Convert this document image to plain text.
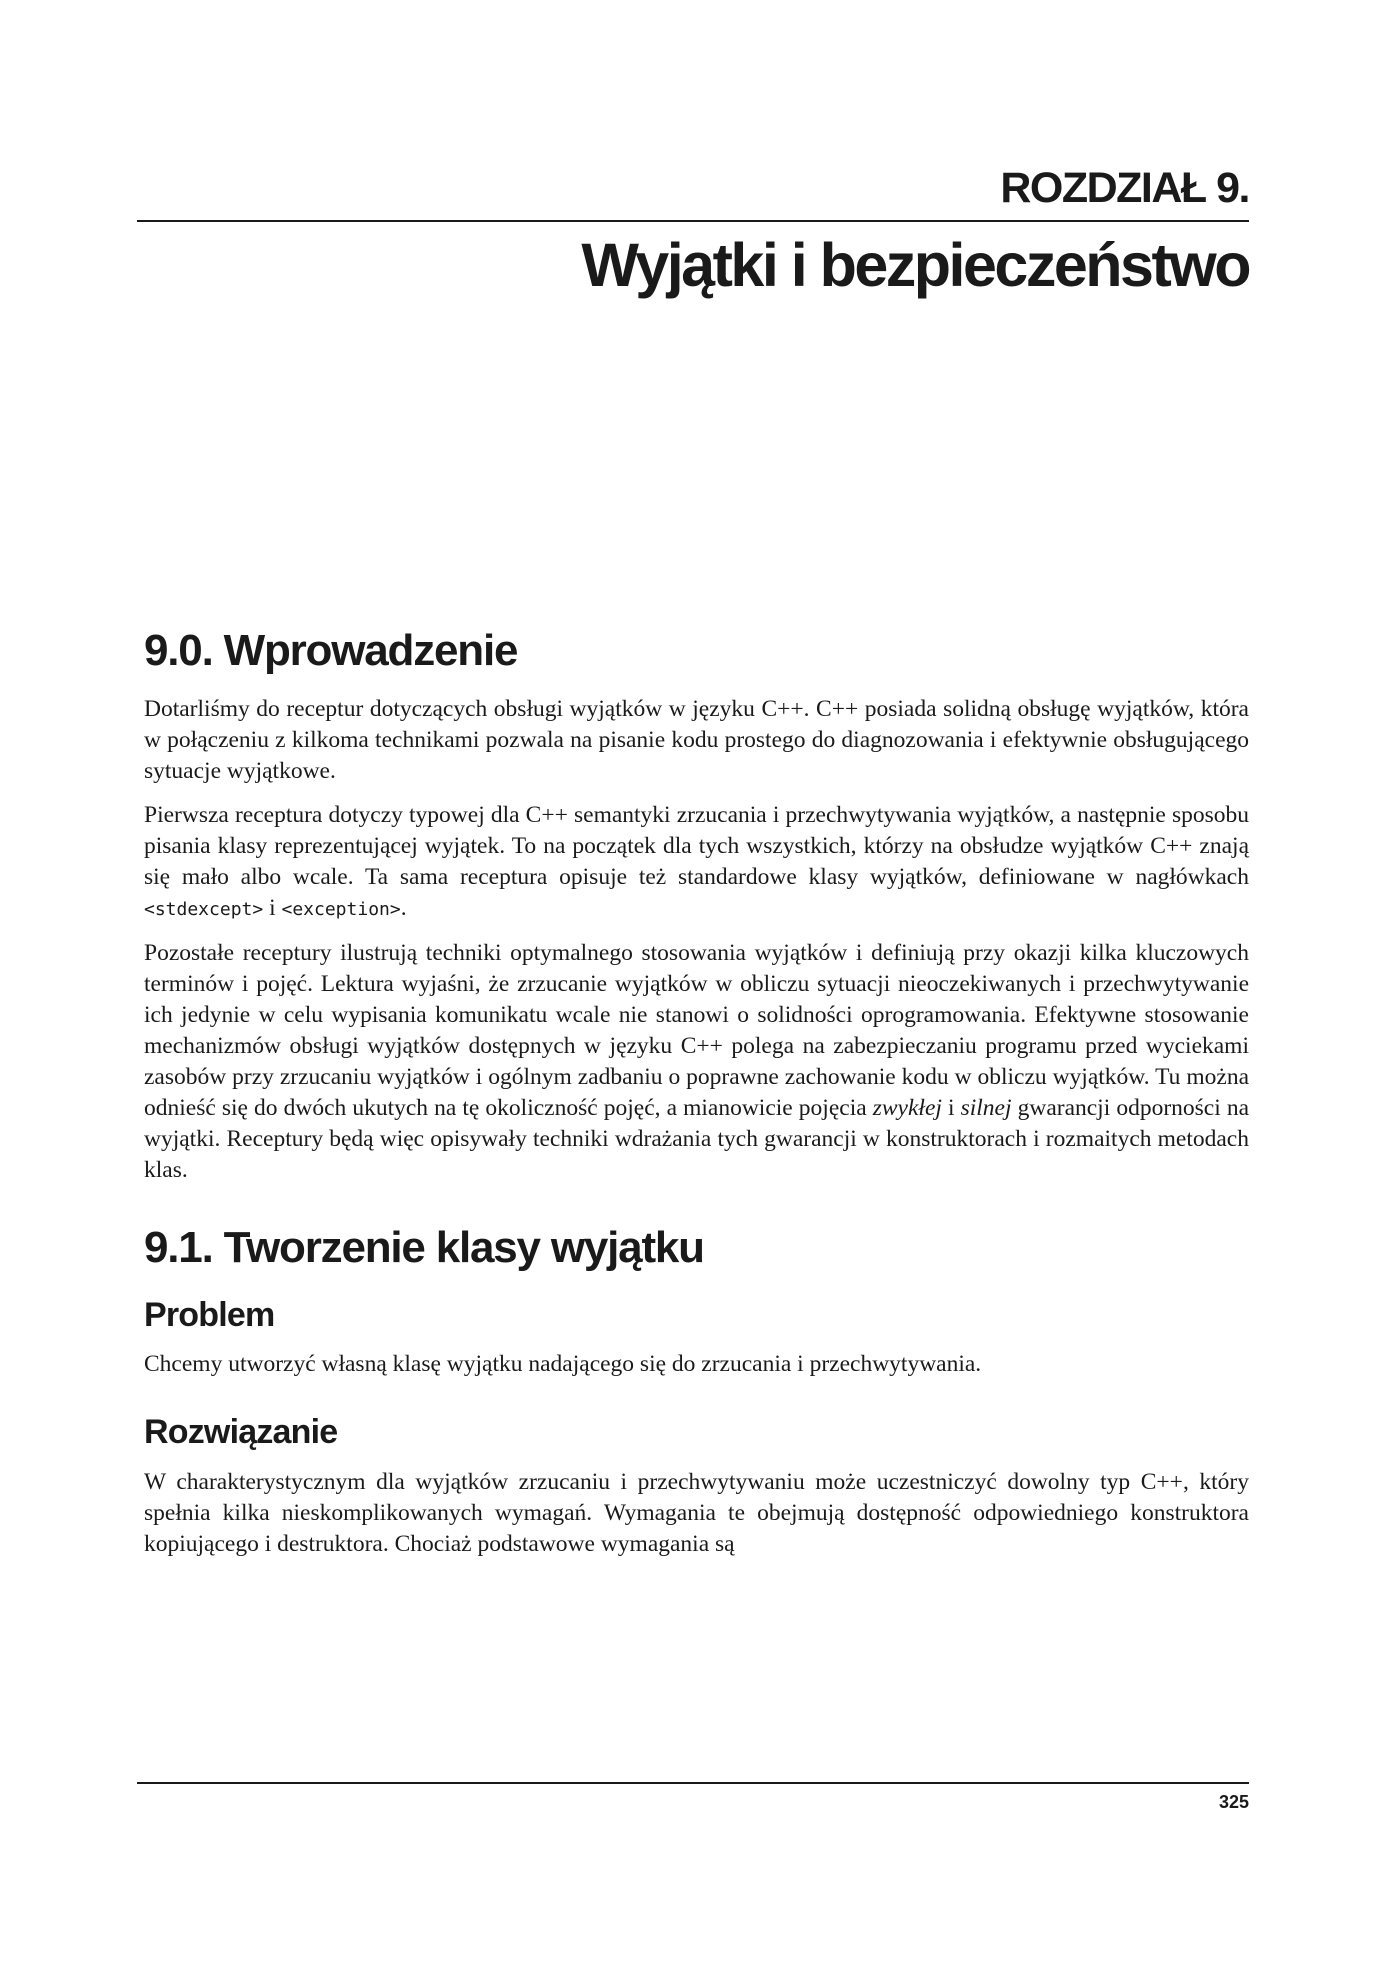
ROZDZIAŁ 9.
Wyjątki i bezpieczeństwo
9.0. Wprowadzenie

Dotarliśmy do receptur dotyczących obsługi wyjątków w języku C++. C++ posiada solidną obsługę wyjątków, która w połączeniu z kilkoma technikami pozwala na pisanie kodu prostego do diagnozowania i efektywnie obsługującego sytuacje wyjątkowe.

Pierwsza receptura dotyczy typowej dla C++ semantyki zrzucania i przechwytywania wyjątków, a następnie sposobu pisania klasy reprezentującej wyjątek. To na początek dla tych wszystkich, którzy na obsłudze wyjątków C++ znają się mało albo wcale. Ta sama receptura opisuje też standardowe klasy wyjątków, definiowane w nagłówkach <stdexcept> i <exception>.

Pozostałe receptury ilustrują techniki optymalnego stosowania wyjątków i definiują przy okazji kilka kluczowych terminów i pojęć. Lektura wyjaśni, że zrzucanie wyjątków w obliczu sytuacji nieoczekiwanych i przechwytywanie ich jedynie w celu wypisania komunikatu wcale nie stanowi o solidności oprogramowania. Efektywne stosowanie mechanizmów obsługi wyjątków dostępnych w języku C++ polega na zabezpieczaniu programu przed wyciekami zasobów przy zrzucaniu wyjątków i ogólnym zadbaniu o poprawne zachowanie kodu w obliczu wyjątków. Tu można odnieść się do dwóch ukutych na tę okoliczność pojęć, a mianowicie pojęcia zwykłej i silnej gwarancji odporności na wyjątki. Receptury będą więc opisywały techniki wdrażania tych gwarancji w konstruktorach i rozmaitych metodach klas.

9.1. Tworzenie klasy wyjątku
Problem

Chcemy utworzyć własną klasę wyjątku nadającego się do zrzucania i przechwytywania.

Rozwiązanie

W charakterystycznym dla wyjątków zrzucaniu i przechwytywaniu może uczestniczyć dowolny typ C++, który spełnia kilka nieskomplikowanych wymagań. Wymagania te obejmują dostępność odpowiedniego konstruktora kopiującego i destruktora. Chociaż podstawowe wymagania są

325
